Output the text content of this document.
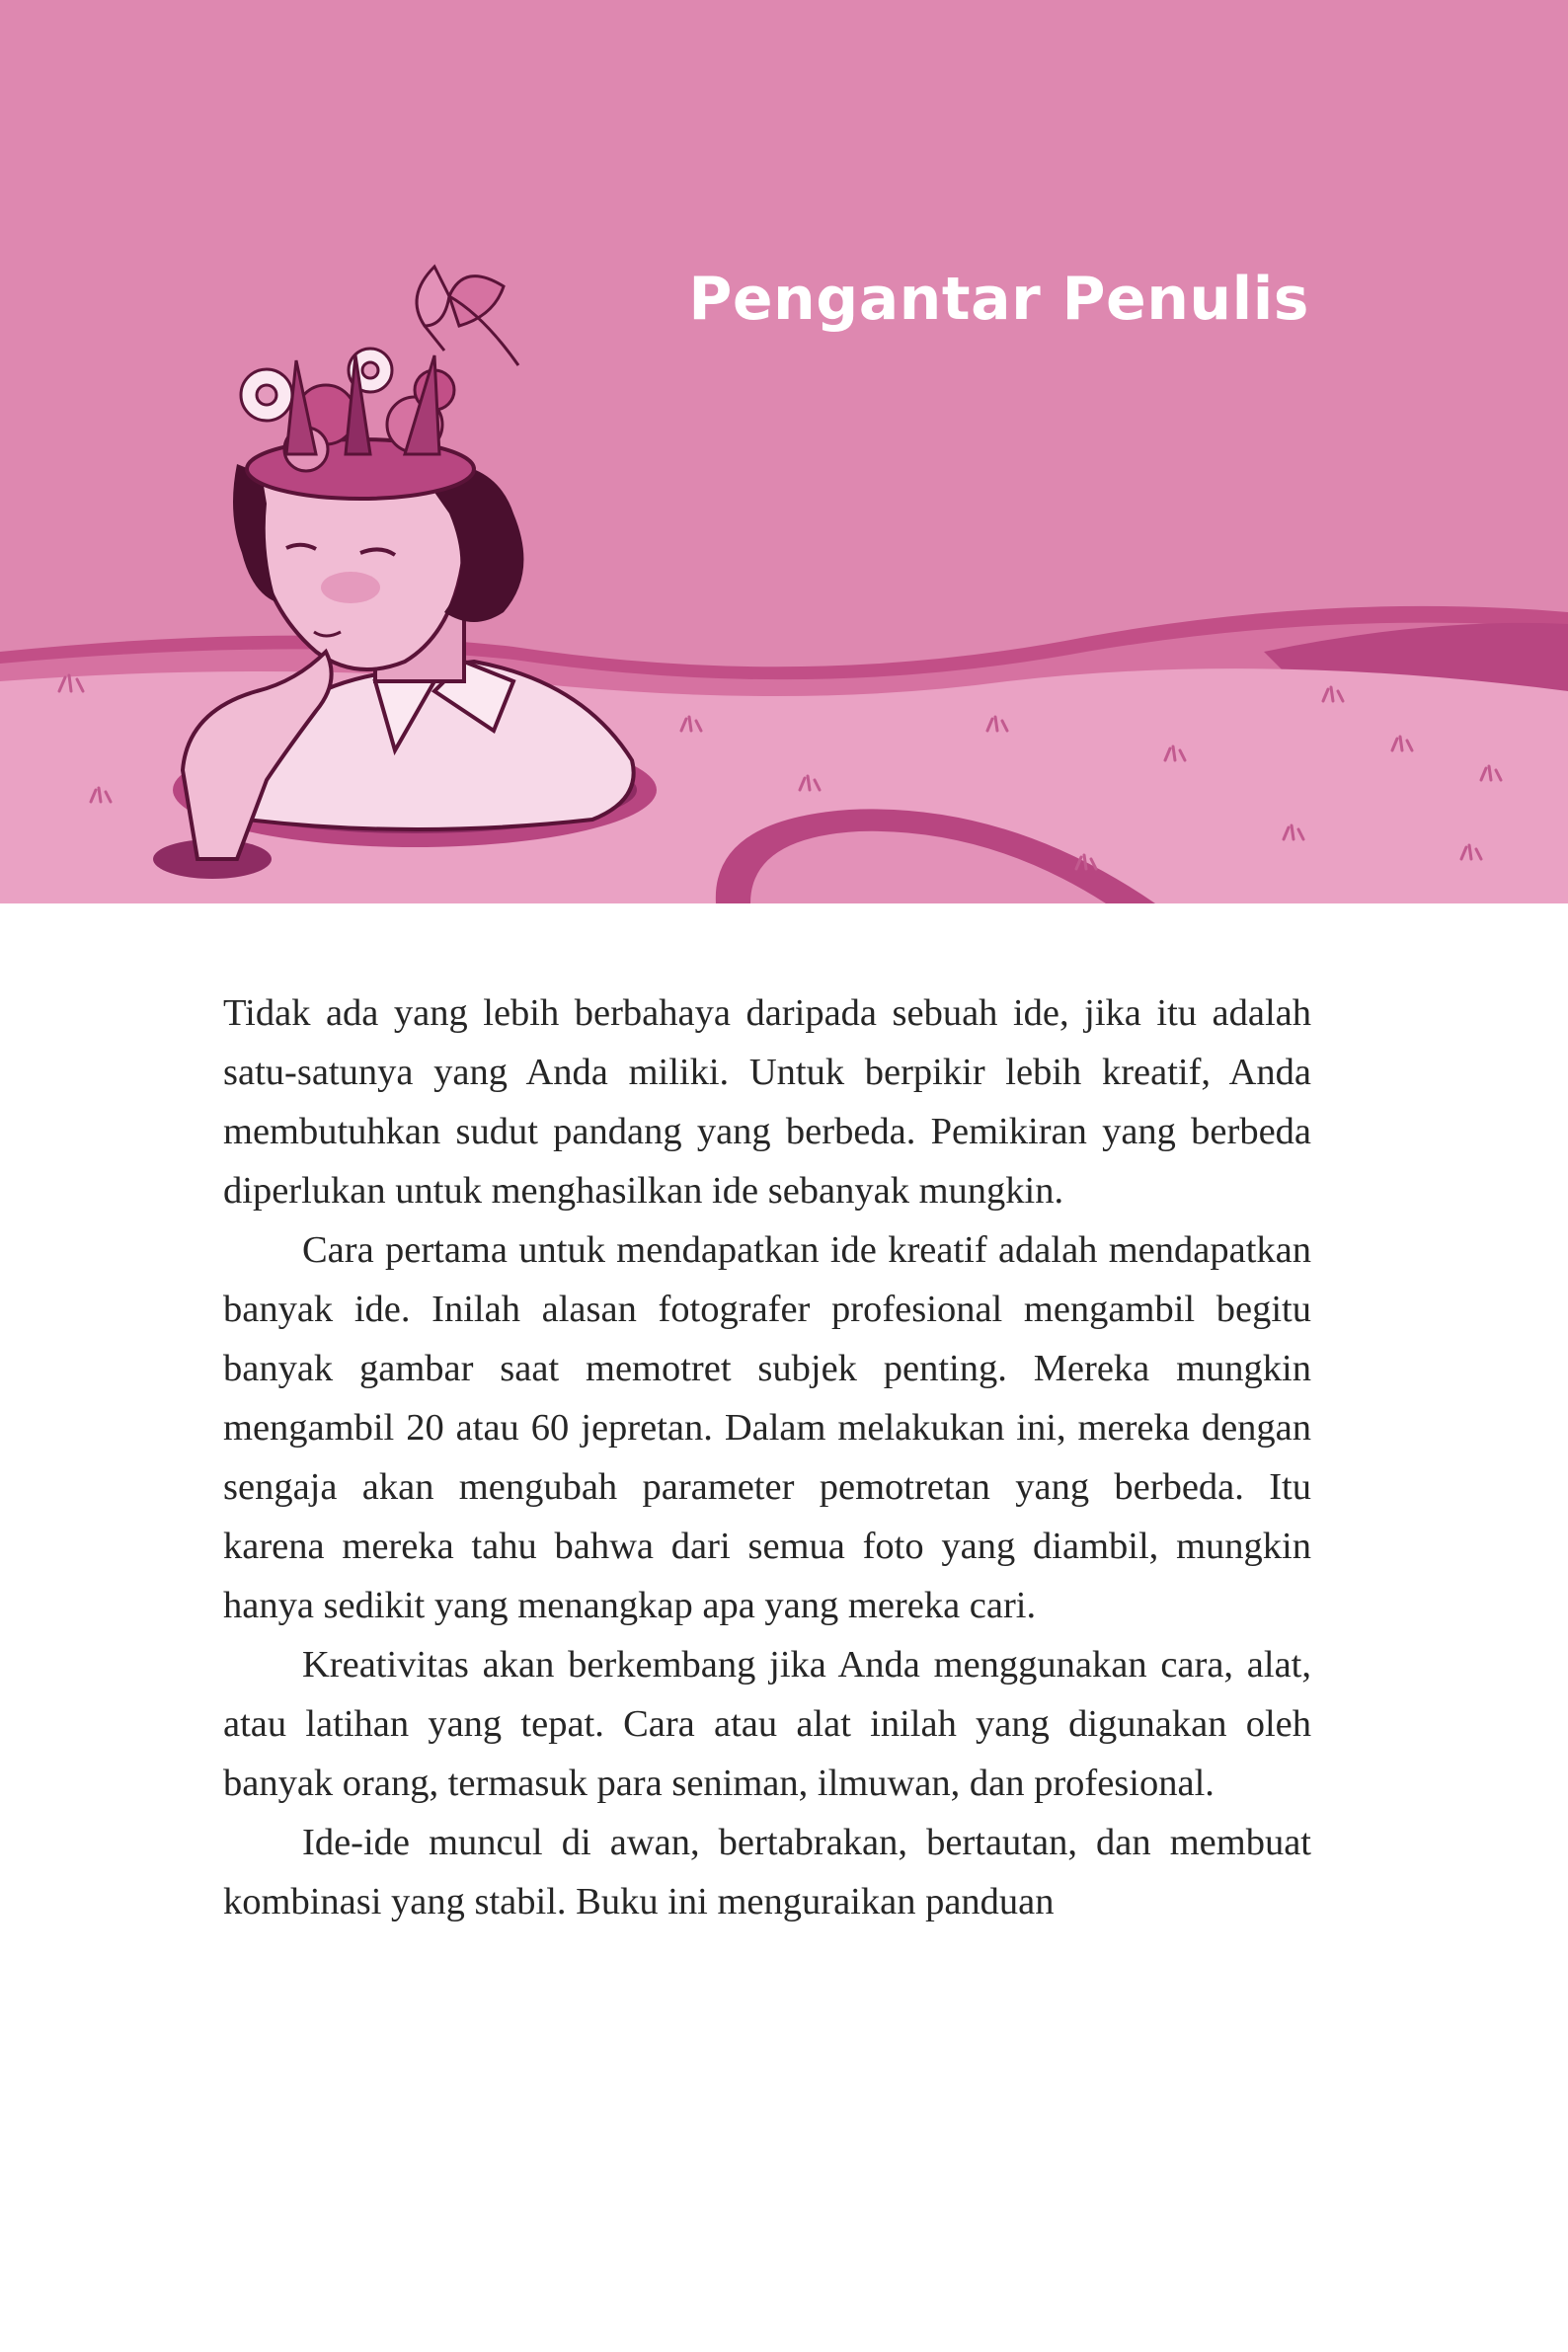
Pengantar Penulis

Tidak ada yang lebih berbahaya daripada sebuah ide, jika itu adalah satu-satunya yang Anda miliki. Untuk berpikir lebih kreatif, Anda membutuhkan sudut pandang yang berbeda. Pemikiran yang berbeda diperlukan untuk menghasilkan ide sebanyak mungkin.

Cara pertama untuk mendapatkan ide kreatif adalah mendapatkan banyak ide. Inilah alasan fotografer profesional mengambil begitu banyak gambar saat memotret subjek penting. Mereka mungkin mengambil 20 atau 60 jepretan. Dalam melakukan ini, mereka dengan sengaja akan mengubah parameter pemotretan yang berbeda. Itu karena mereka tahu bahwa dari semua foto yang diambil, mungkin hanya sedikit yang menangkap apa yang mereka cari.

Kreativitas akan berkembang jika Anda menggunakan cara, alat, atau latihan yang tepat. Cara atau alat inilah yang digunakan oleh banyak orang, termasuk para seniman, ilmuwan, dan profesional.

Ide-ide muncul di awan, bertabrakan, bertautan, dan membuat kombinasi yang stabil. Buku ini menguraikan panduan
